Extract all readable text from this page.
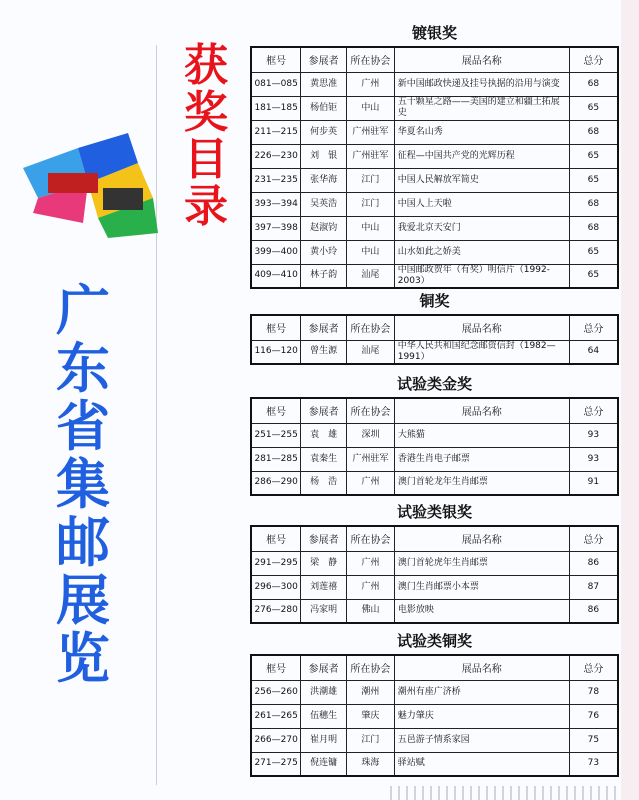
获奖目录
广东省集邮展览
镀银奖
框号	参展者	所在协会	展品名称	总分
081—085	黄思准	广州	新中国邮政快递及挂号执据的沿用与演变	68
181—185	杨伯钜	中山	五十颗星之路——美国的建立和疆土拓展史	65
211—215	何步英	广州驻军	华夏名山秀	68
226—230	刘　银	广州驻军	征程—中国共产党的光辉历程	65
231—235	张华海	江门	中国人民解放军简史	65
393—394	吴英浩	江门	中国人上天啦	68
397—398	赵淑钧	中山	我爱北京天安门	68
399—400	黄小玲	中山	山水如此之娇美	65
409—410	林子韵	汕尾	中国邮政贺年（有奖）明信片（1992-2003）	65
铜奖
框号	参展者	所在协会	展品名称	总分
116—120	曾生源	汕尾	中华人民共和国纪念邮资信封（1982—1991）	64
试验类金奖
框号	参展者	所在协会	展品名称	总分
251—255	袁　雄	深圳	大熊猫	93
281—285	袁秦生	广州驻军	香港生肖电子邮票	93
286—290	杨　浩	广州	澳门首轮龙年生肖邮票	91
试验类银奖
框号	参展者	所在协会	展品名称	总分
291—295	梁　静	广州	澳门首轮虎年生肖邮票	86
296—300	刘莲禧	广州	澳门生肖邮票小本票	87
276—280	冯家明	佛山	电影放映	86
试验类铜奖
框号	参展者	所在协会	展品名称	总分
256—260	洪潮雄	潮州	潮州有座广济桥	78
261—265	伍穗生	肇庆	魅力肇庆	76
266—270	崔月明	江门	五邑游子情系家园	75
271—275	倪连镛	珠海	驿站赋	73
